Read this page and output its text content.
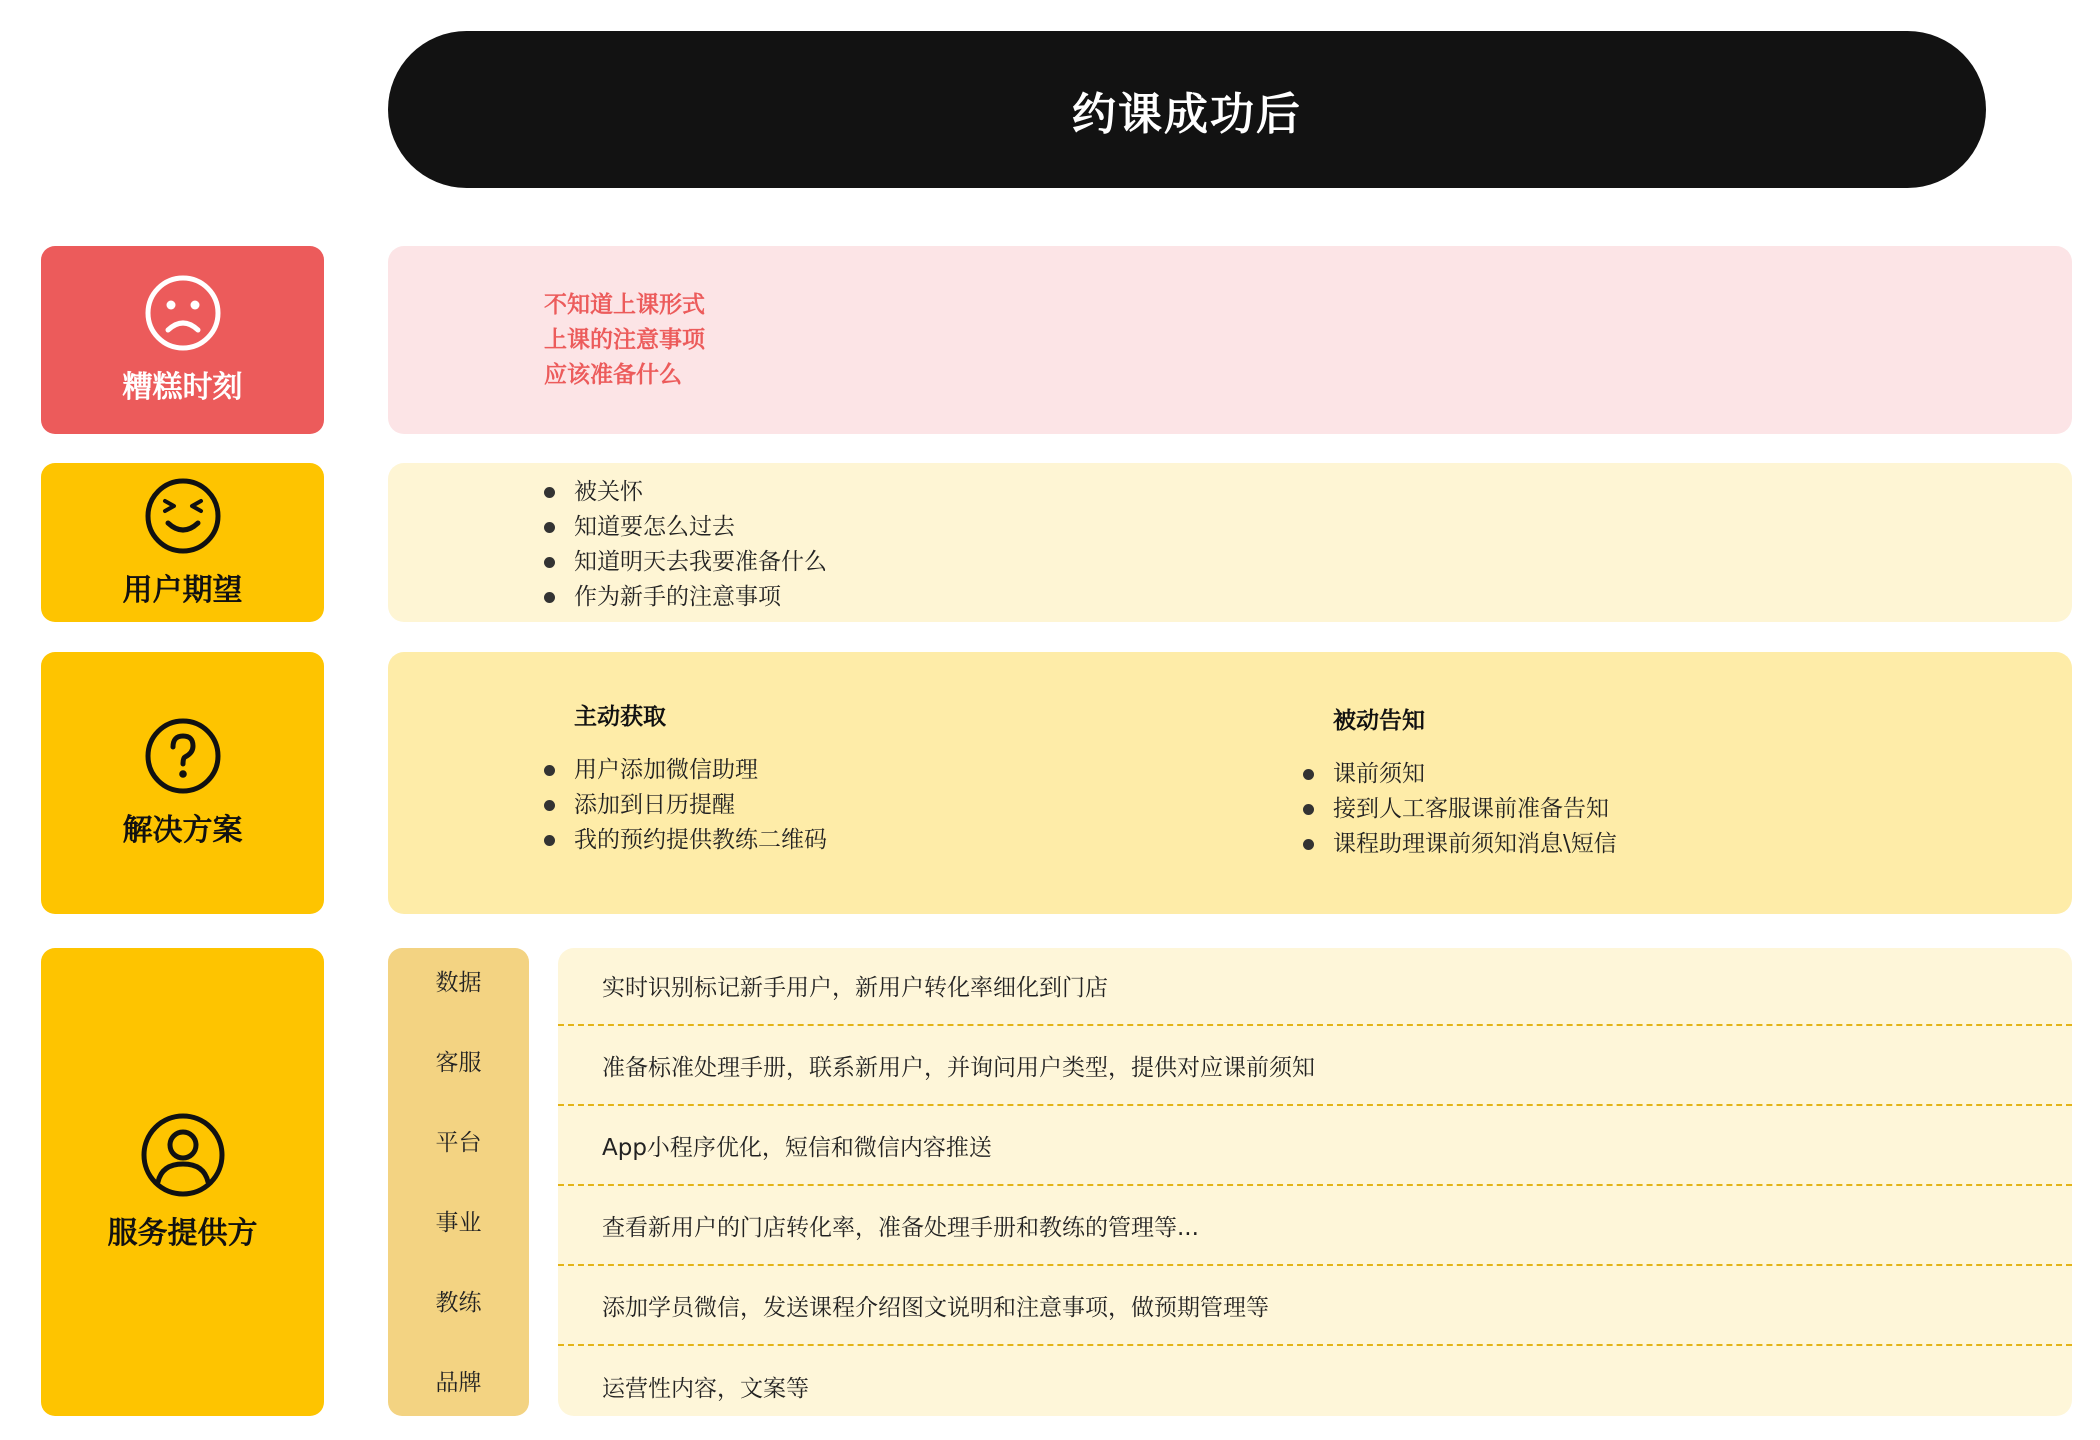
约课成功后
糟糕时刻
不知道上课形式
上课的注意事项
应该准备什么
用户期望
被关怀
知道要怎么过去
知道明天去我要准备什么
作为新手的注意事项
解决方案
主动获取
用户添加微信助理
添加到日历提醒
我的预约提供教练二维码
被动告知
课前须知
接到人工客服课前准备告知
课程助理课前须知消息\短信
服务提供方
数据
客服
平台
事业
教练
品牌
实时识别标记新手用户，新用户转化率细化到门店
准备标准处理手册，联系新用户，并询问用户类型，提供对应课前须知
App小程序优化，短信和微信内容推送
查看新用户的门店转化率，准备处理手册和教练的管理等...
添加学员微信，发送课程介绍图文说明和注意事项，做预期管理等
运营性内容，文案等
